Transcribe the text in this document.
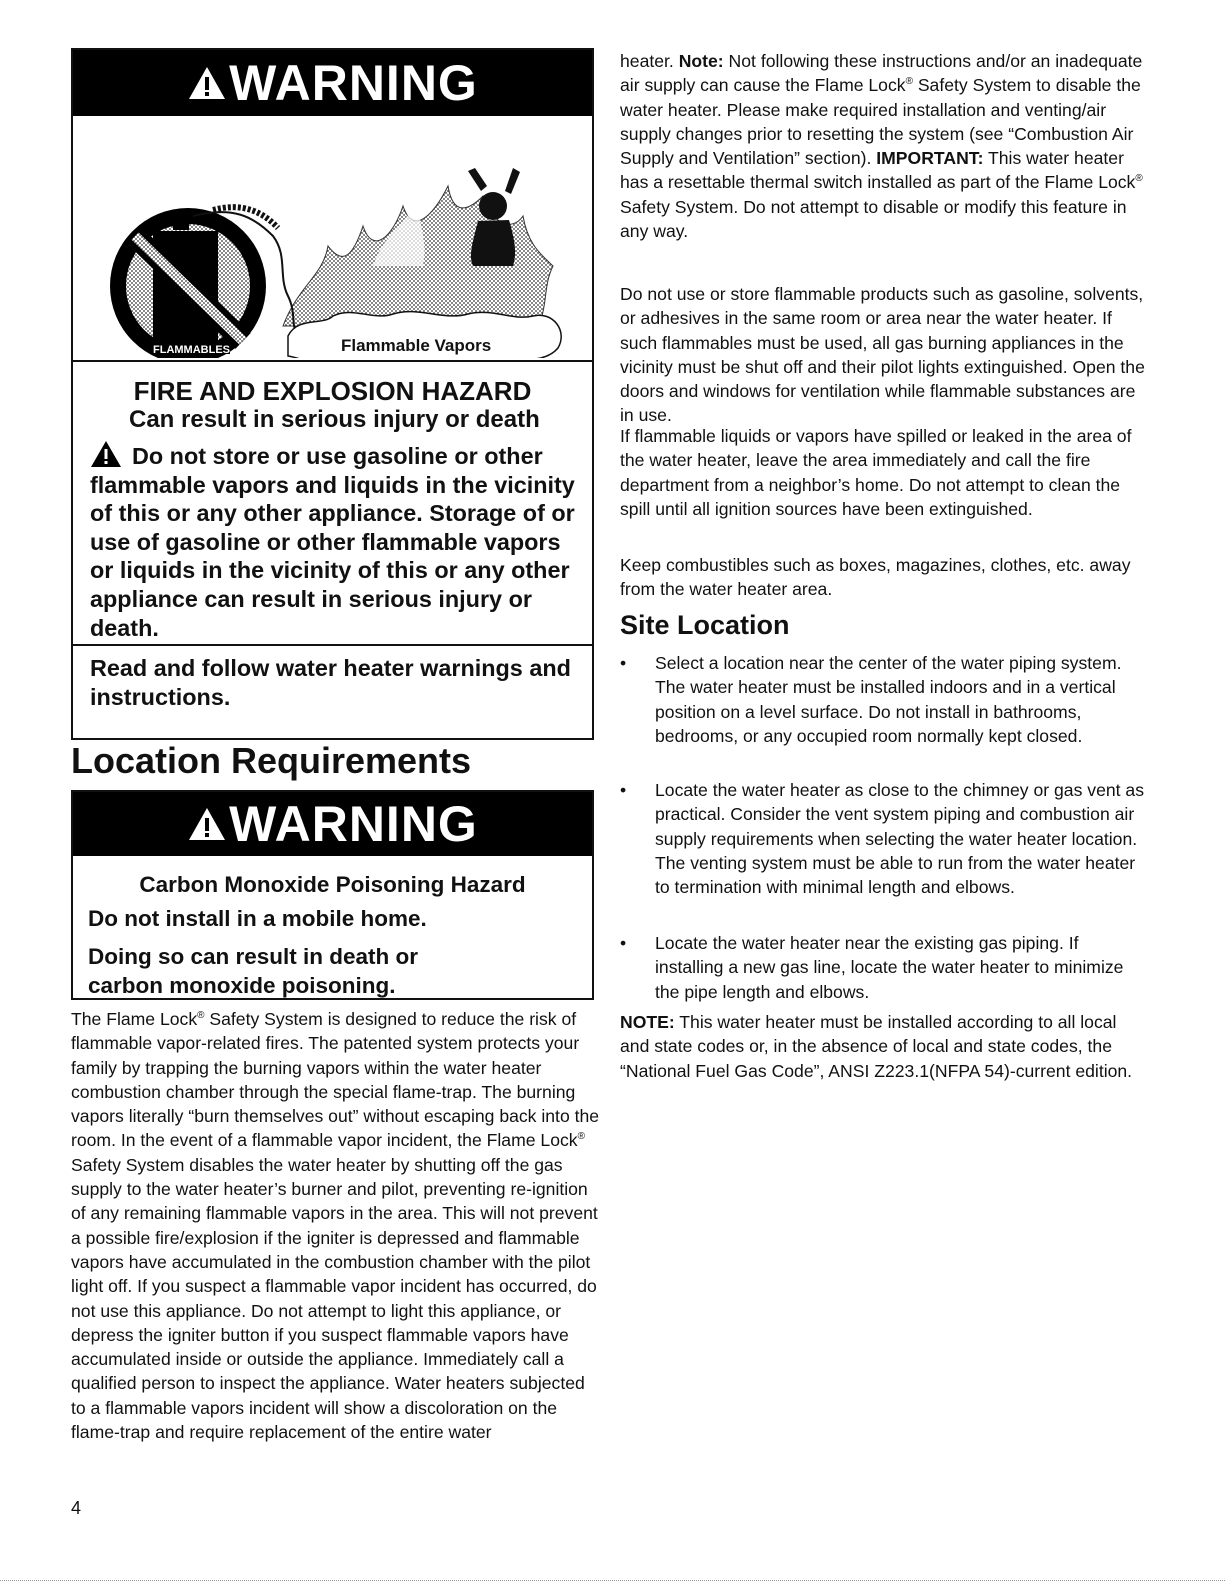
WARNING
FLAMMABLES	Flammable Vapors
FIRE AND EXPLOSION HAZARD
Can result in serious injury or death
Do not store or use gasoline or other flammable vapors and liquids in the vicinity of this or any other appliance. Storage of or use of gasoline or other flammable vapors or liquids in the vicinity of this or any other appliance can result in serious injury or death.
Read and follow water heater warnings and instructions.
Location Requirements
WARNING
Carbon Monoxide Poisoning Hazard
Do not install in a mobile home.
Doing so can result in death or
carbon monoxide poisoning.
The Flame Lock® Safety System is designed to reduce the risk of flammable vapor-related fires. The patented system protects your family by trapping the burning vapors within the water heater combustion chamber through the special flame-trap. The burning vapors literally “burn themselves out” without escaping back into the room. In the event of a flammable vapor incident, the Flame Lock® Safety System disables the water heater by shutting off the gas supply to the water heater’s burner and pilot, preventing re-ignition of any remaining flammable vapors in the area. This will not prevent a possible fire/explosion if the igniter is depressed and flammable vapors have accumulated in the combustion chamber with the pilot light off. If you suspect a flammable vapor incident has occurred, do not use this appliance. Do not attempt to light this appliance, or depress the igniter button if you suspect flammable vapors have accumulated inside or outside the appliance. Immediately call a qualified person to inspect the appliance. Water heaters subjected to a flammable vapors incident will show a discoloration on the flame-trap and require replacement of the entire water
4

heater. Note: Not following these instructions and/or an inadequate air supply can cause the Flame Lock® Safety System to disable the water heater. Please make required installation and venting/air supply changes prior to resetting the system (see “Combustion Air Supply and Ventilation” section). IMPORTANT: This water heater has a resettable thermal switch installed as part of the Flame Lock® Safety System. Do not attempt to disable or modify this feature in any way.

Do not use or store flammable products such as gasoline, solvents, or adhesives in the same room or area near the water heater. If such flammables must be used, all gas burning appliances in the vicinity must be shut off and their pilot lights extinguished. Open the doors and windows for ventilation while flammable substances are in use.

If flammable liquids or vapors have spilled or leaked in the area of the water heater, leave the area immediately and call the fire department from a neighbor’s home. Do not attempt to clean the spill until all ignition sources have been extinguished.

Keep combustibles such as boxes, magazines, clothes, etc. away from the water heater area.

Site Location
• Select a location near the center of the water piping system. The water heater must be installed indoors and in a vertical position on a level surface. Do not install in bathrooms, bedrooms, or any occupied room normally kept closed.
• Locate the water heater as close to the chimney or gas vent as practical. Consider the vent system piping and combustion air supply requirements when selecting the water heater location. The venting system must be able to run from the water heater to termination with minimal length and elbows.
• Locate the water heater near the existing gas piping. If installing a new gas line, locate the water heater to minimize the pipe length and elbows.

NOTE: This water heater must be installed according to all local and state codes or, in the absence of local and state codes, the “National Fuel Gas Code”, ANSI Z223.1(NFPA 54)-current edition.
